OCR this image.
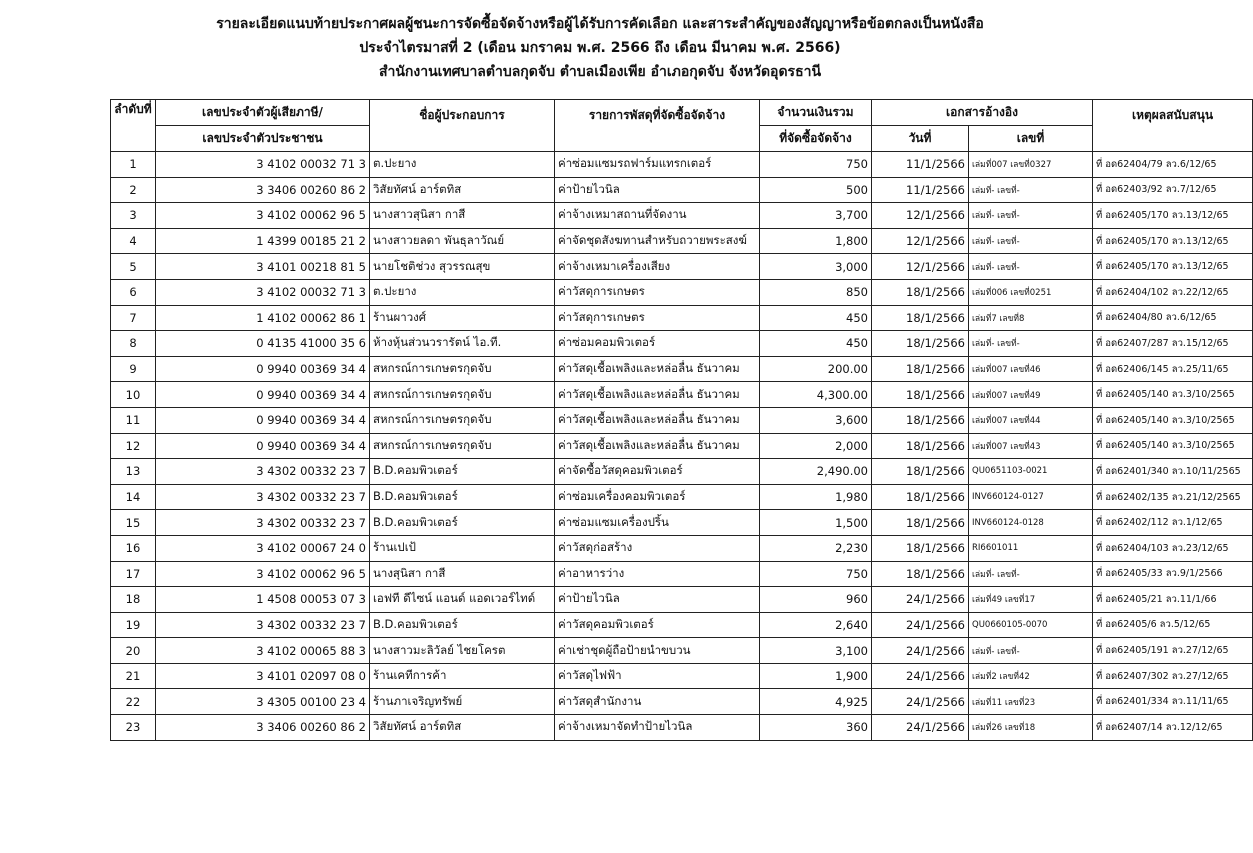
รายละเอียดแนบท้ายประกาศผลผู้ชนะการจัดซื้อจัดจ้างหรือผู้ได้รับการคัดเลือก และสาระสำคัญของสัญญาหรือข้อตกลงเป็นหนังสือ
ประจำไตรมาสที่ 2 (เดือน มกราคม พ.ศ. 2566 ถึง เดือน มีนาคม พ.ศ. 2566)
สำนักงานเทศบาลตำบลกุดจับ ตำบลเมืองเพีย อำเภอกุดจับ จังหวัดอุดรธานี
ลำดับที่	เลขประจำตัวผู้เสียภาษี/	ชื่อผู้ประกอบการ	รายการพัสดุที่จัดซื้อจัดจ้าง	จำนวนเงินรวม	เอกสารอ้างอิง		เหตุผลสนับสนุน
	เลขประจำตัวประชาชน			ที่จัดซื้อจัดจ้าง	วันที่	เลขที่	
1	3 4102 00032 71 3	ต.ปะยาง	ค่าซ่อมแซมรถฟาร์มแทรกเตอร์	750	11/1/2566	เล่มที่007 เลขที่0327	ที่ อด62404/79 ลว.6/12/65
2	3 3406 00260 86 2	วิสัยทัศน์ อาร์ตทิส	ค่าป้ายไวนิล	500	11/1/2566	เล่มที่- เลขที่-	ที่ อด62403/92 ลว.7/12/65
3	3 4102 00062 96 5	นางสาวสุนิสา กาสี	ค่าจ้างเหมาสถานที่จัดงาน	3,700	12/1/2566	เล่มที่- เลขที่-	ที่ อด62405/170 ลว.13/12/65
4	1 4399 00185 21 2	นางสาวยลดา พันธุลาวัณย์	ค่าจัดชุดสังฆทานสำหรับถวายพระสงฆ์	1,800	12/1/2566	เล่มที่- เลขที่-	ที่ อด62405/170 ลว.13/12/65
5	3 4101 00218 81 5	นายโชติช่วง สุวรรณสุข	ค่าจ้างเหมาเครื่องเสียง	3,000	12/1/2566	เล่มที่- เลขที่-	ที่ อด62405/170 ลว.13/12/65
6	3 4102 00032 71 3	ต.ปะยาง	ค่าวัสดุการเกษตร	850	18/1/2566	เล่มที่006 เลขที่0251	ที่ อด62404/102 ลว.22/12/65
7	1 4102 00062 86 1	ร้านผาวงศ์	ค่าวัสดุการเกษตร	450	18/1/2566	เล่มที่7 เลขที่8	ที่ อด62404/80 ลว.6/12/65
8	0 4135 41000 35 6	ห้างหุ้นส่วนวรารัตน์ ไอ.ที.	ค่าซ่อมคอมพิวเตอร์	450	18/1/2566	เล่มที่- เลขที่-	ที่ อด62407/287 ลว.15/12/65
9	0 9940 00369 34 4	สหกรณ์การเกษตรกุดจับ	ค่าวัสดุเชื้อเพลิงและหล่อลื่น ธันวาคม	200.00	18/1/2566	เล่มที่007 เลขที่46	ที่ อด62406/145 ลว.25/11/65
10	0 9940 00369 34 4	สหกรณ์การเกษตรกุดจับ	ค่าวัสดุเชื้อเพลิงและหล่อลื่น ธันวาคม	4,300.00	18/1/2566	เล่มที่007 เลขที่49	ที่ อด62405/140 ลว.3/10/2565
11	0 9940 00369 34 4	สหกรณ์การเกษตรกุดจับ	ค่าวัสดุเชื้อเพลิงและหล่อลื่น ธันวาคม	3,600	18/1/2566	เล่มที่007 เลขที่44	ที่ อด62405/140 ลว.3/10/2565
12	0 9940 00369 34 4	สหกรณ์การเกษตรกุดจับ	ค่าวัสดุเชื้อเพลิงและหล่อลื่น ธันวาคม	2,000	18/1/2566	เล่มที่007 เลขที่43	ที่ อด62405/140 ลว.3/10/2565
13	3 4302 00332 23 7	B.D.คอมพิวเตอร์	ค่าจัดซื้อวัสดุคอมพิวเตอร์	2,490.00	18/1/2566	QU0651103-0021	ที่ อด62401/340 ลว.10/11/2565
14	3 4302 00332 23 7	B.D.คอมพิวเตอร์	ค่าซ่อมเครื่องคอมพิวเตอร์	1,980	18/1/2566	INV660124-0127	ที่ อด62402/135 ลว.21/12/2565
15	3 4302 00332 23 7	B.D.คอมพิวเตอร์	ค่าซ่อมแซมเครื่องปริ้น	1,500	18/1/2566	INV660124-0128	ที่ อด62402/112 ลว.1/12/65
16	3 4102 00067 24 0	ร้านเปเป้	ค่าวัสดุก่อสร้าง	2,230	18/1/2566	RI6601011	ที่ อด62404/103 ลว.23/12/65
17	3 4102 00062 96 5	นางสุนิสา กาสี	ค่าอาหารว่าง	750	18/1/2566	เล่มที่- เลขที่-	ที่ อด62405/33 ลว.9/1/2566
18	1 4508 00053 07 3	เอฟที ดีไซน์ แอนด์ แอดเวอร์ไทด์	ค่าป้ายไวนิล	960	24/1/2566	เล่มที่49 เลขที่17	ที่ อด62405/21 ลว.11/1/66
19	3 4302 00332 23 7	B.D.คอมพิวเตอร์	ค่าวัสดุคอมพิวเตอร์	2,640	24/1/2566	QU0660105-0070	ที่ อด62405/6 ลว.5/12/65
20	3 4102 00065 88 3	นางสาวมะลิวัลย์ ไชยโครต	ค่าเช่าชุดผู้ถือป้ายนำขบวน	3,100	24/1/2566	เล่มที่- เลขที่-	ที่ อด62405/191 ลว.27/12/65
21	3 4101 02097 08 0	ร้านเคทีการค้า	ค่าวัสดุไฟฟ้า	1,900	24/1/2566	เล่มที่2 เลขที่42	ที่ อด62407/302 ลว.27/12/65
22	3 4305 00100 23 4	ร้านภาเจริญทรัพย์	ค่าวัสดุสำนักงาน	4,925	24/1/2566	เล่มที่11 เลขที่23	ที่ อด62401/334 ลว.11/11/65
23	3 3406 00260 86 2	วิสัยทัศน์ อาร์ตทิส	ค่าจ้างเหมาจัดทำป้ายไวนิล	360	24/1/2566	เล่มที่26 เลขที่18	ที่ อด62407/14 ลว.12/12/65
